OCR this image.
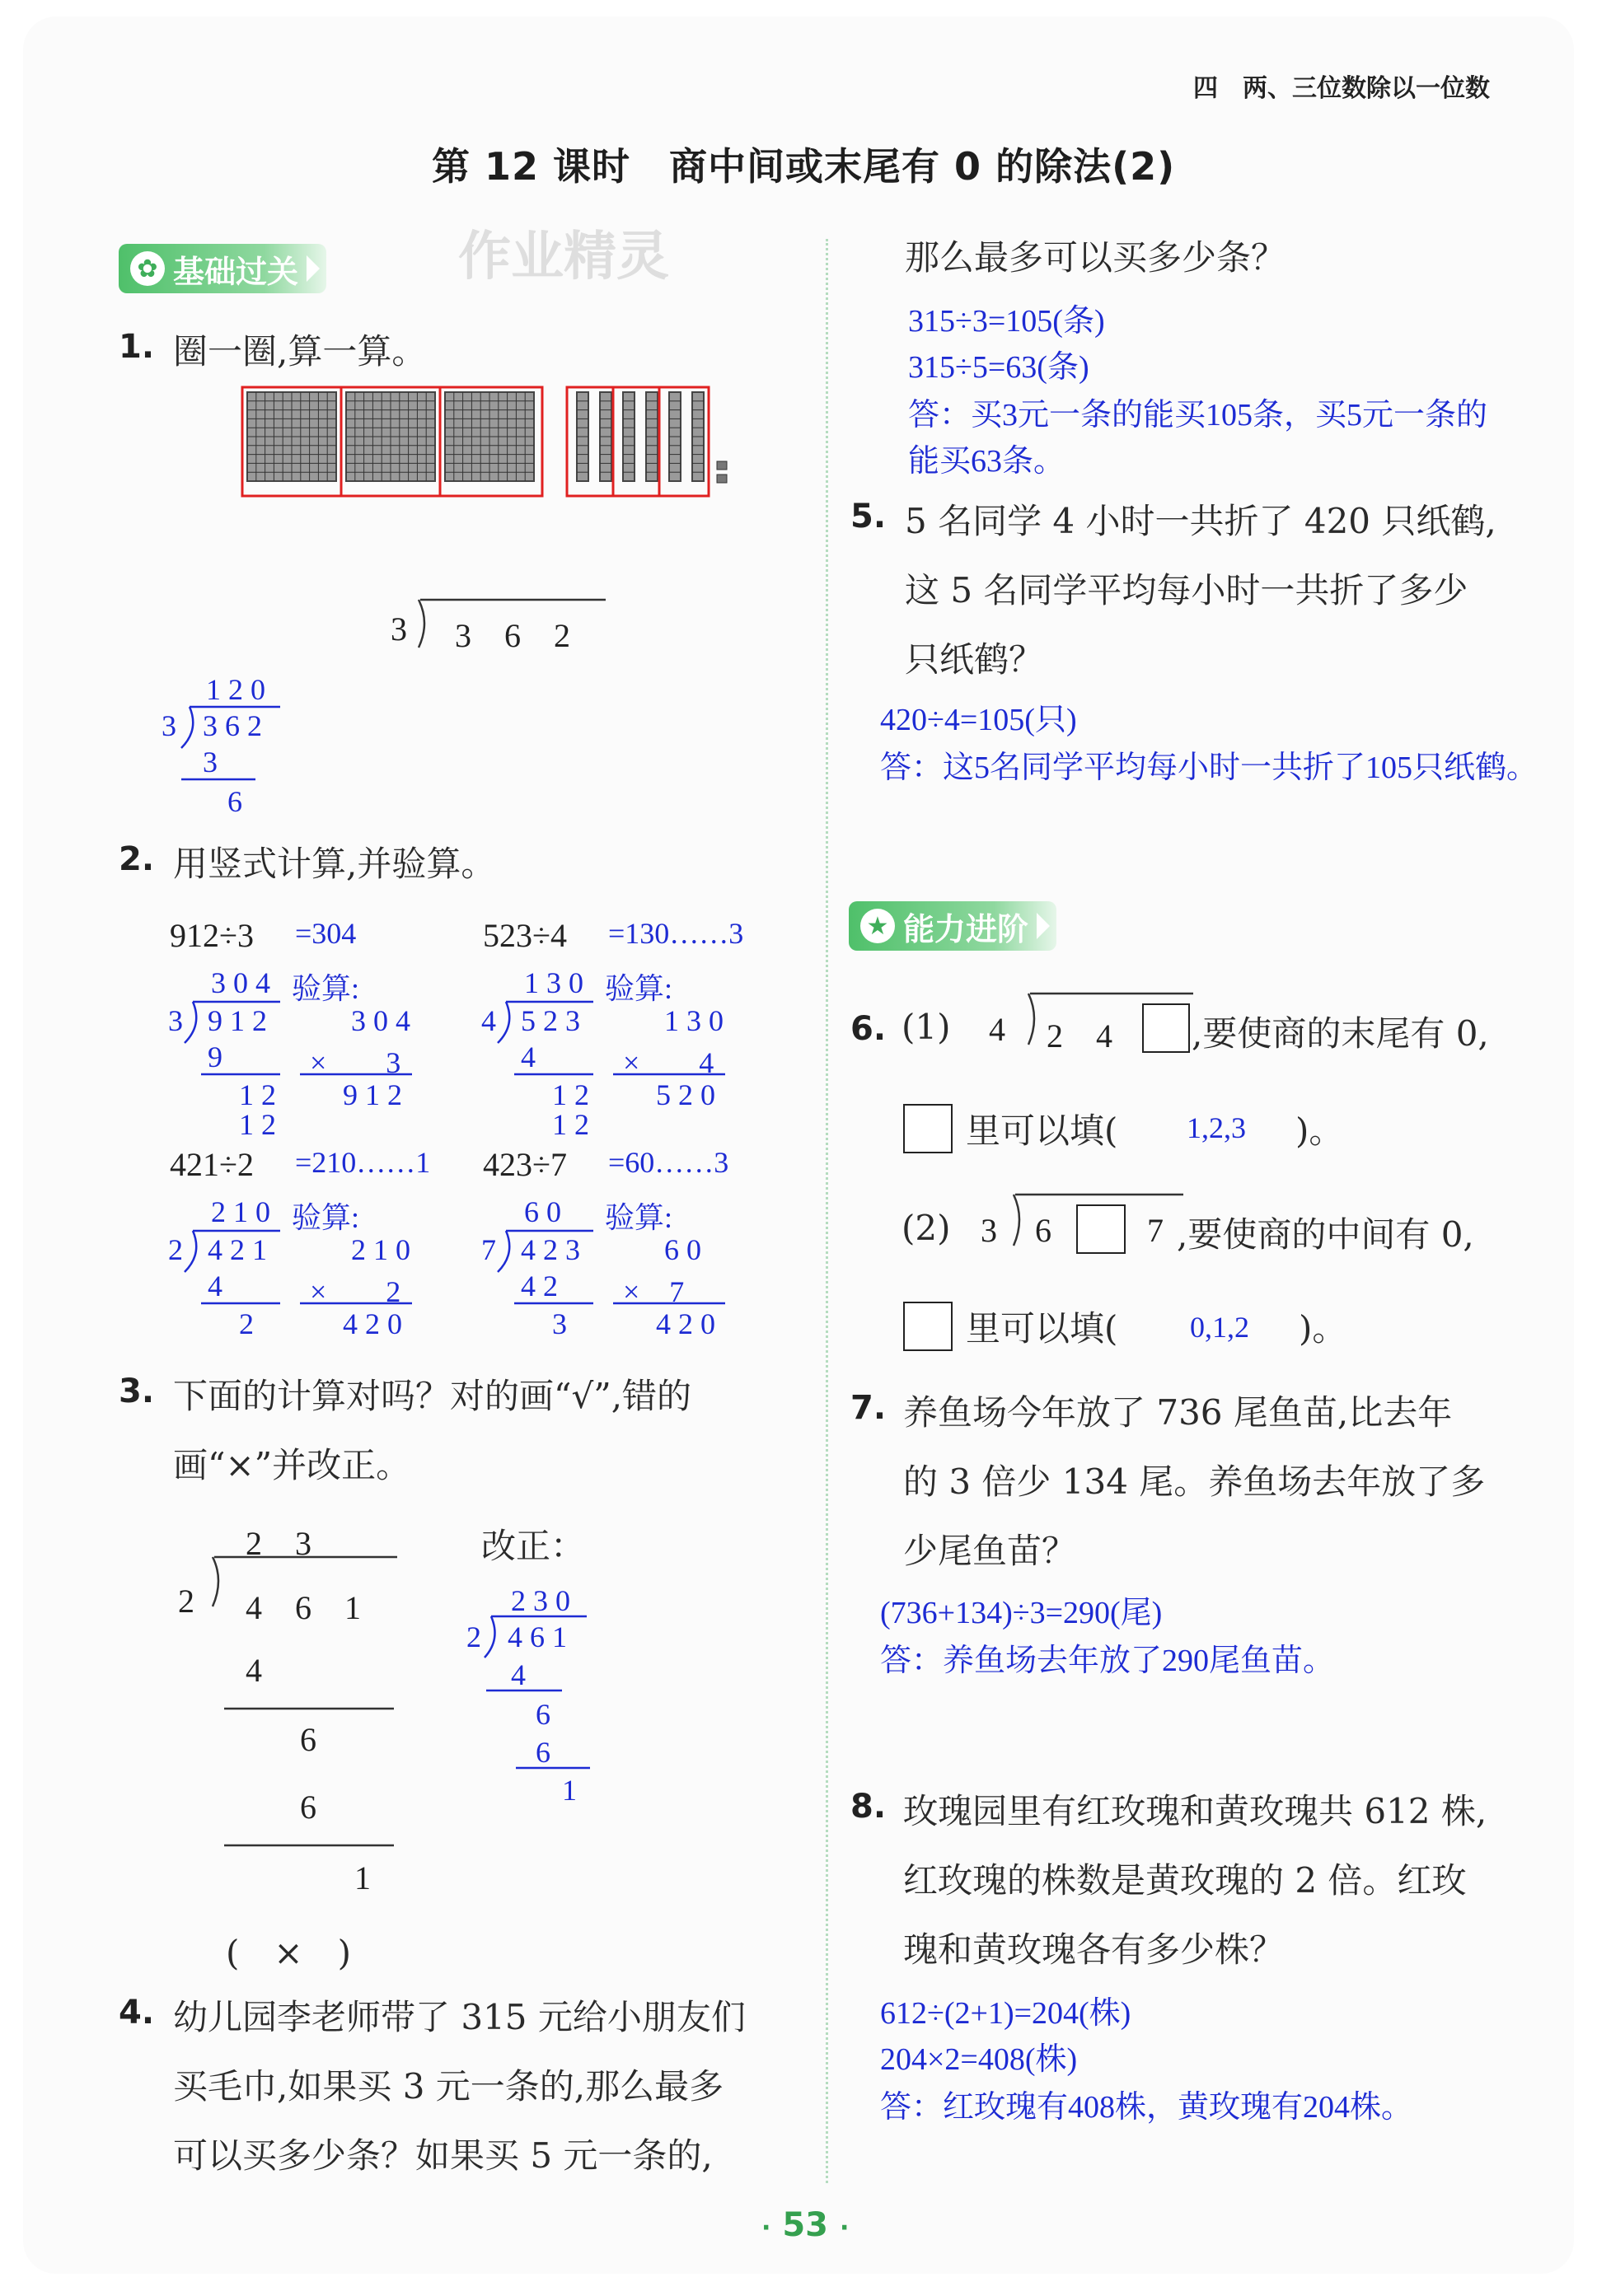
四　两、三位数除以一位数
第 12 课时　商中间或末尾有 0 的除法(2)
✿ 基础过关	作业精灵
1. 圈一圈,算一算。
3 3　6　2
1 2 0
3 3 6 2
3
6
2. 用竖式计算,并验算。
912÷3 =304
3 0 4 验算:
3 9 1 2
9
1 2
1 2
3 0 4
×　　3
9 1 2
523÷4 =130……3
1 3 0 验算:
4 5 2 3
4
1 2
1 2
1 3 0
×　　4
5 2 0
421÷2 =210……1
2 1 0 验算:
2 4 2 1
4
2
2 1 0
×　　2
4 2 0
423÷7 =60……3
6 0 验算:
7 4 2 3
4 2
3
6 0
×　7
4 2 0
3. 下面的计算对吗？对的画“√”,错的
画“×”并改正。
2　3
2 4　6　1
4
6
6
1
(　×　)
改正：
2 3 0
2 4 6 1
4
6
6
1
4. 幼儿园李老师带了 315 元给小朋友们
买毛巾,如果买 3 元一条的,那么最多
可以买多少条？如果买 5 元一条的,
那么最多可以买多少条？
315÷3=105(条)
315÷5=63(条)
答：买3元一条的能买105条，买5元一条的
能买63条。
5. 5 名同学 4 小时一共折了 420 只纸鹤,
这 5 名同学平均每小时一共折了多少
只纸鹤？
420÷4=105(只)
答：这5名同学平均每小时一共折了105只纸鹤。
★ 能力进阶
6. (1) 4 2　4 ,要使商的末尾有 0,
里可以填( 1,2,3 )。
(2) 3 6	7 ,要使商的中间有 0,
里可以填( 0,1,2 )。
7. 养鱼场今年放了 736 尾鱼苗,比去年
的 3 倍少 134 尾。养鱼场去年放了多
少尾鱼苗？
(736+134)÷3=290(尾)
答：养鱼场去年放了290尾鱼苗。
8. 玫瑰园里有红玫瑰和黄玫瑰共 612 株,
红玫瑰的株数是黄玫瑰的 2 倍。红玫
瑰和黄玫瑰各有多少株？
612÷(2+1)=204(株)
204×2=408(株)
答：红玫瑰有408株，黄玫瑰有204株。
· 53 ·
